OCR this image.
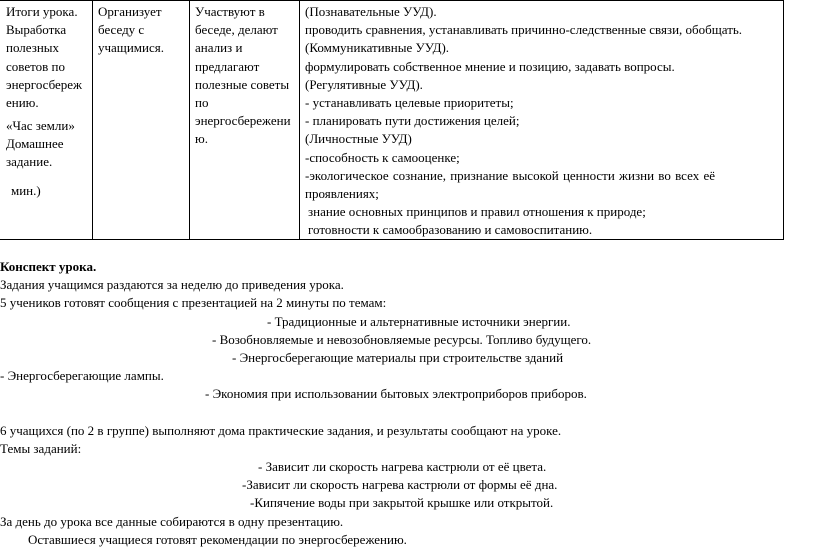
Итоги урока.
Выработка
полезных
советов по
энергосбереж
ению.
«Час земли»
Домашнее
задание.
мин.)
Организует
беседу с
учащимися.
Участвуют в
беседе, делают
анализ и
предлагают
полезные советы
по
энергосбережени
ю.
(Познавательные УУД).
проводить сравнения, устанавливать причинно-следственные связи, обобщать.
(Коммуникативные УУД).
формулировать собственное мнение и позицию, задавать вопросы.
(Регулятивные УУД).
- устанавливать целевые приоритеты;
- планировать пути достижения целей;
(Личностные УУД)
-способность к самооценке;
-экологическое сознание, признание высокой ценности жизни во всех её
проявлениях;
знание основных принципов и правил отношения к природе;
готовности к самообразованию и самовоспитанию.
Конспект урока.
Задания учащимся раздаются за неделю до приведения урока.
5 учеников готовят сообщения с презентацией на 2 минуты по темам:
- Традиционные и альтернативные источники энергии.
- Возобновляемые и невозобновляемые ресурсы. Топливо будущего.
- Энергосберегающие материалы при строительстве зданий
- Энергосберегающие лампы.
- Экономия при использовании бытовых электроприборов приборов.
6 учащихся (по 2 в группе) выполняют дома практические задания, и результаты сообщают на уроке.
Темы заданий:
- Зависит ли скорость нагрева кастрюли от её цвета.
-Зависит ли скорость нагрева кастрюли от формы её дна.
-Кипячение воды при закрытой крышке или открытой.
За день до урока все данные собираются в одну презентацию.
Оставшиеся учащиеся готовят рекомендации по энергосбережению.
